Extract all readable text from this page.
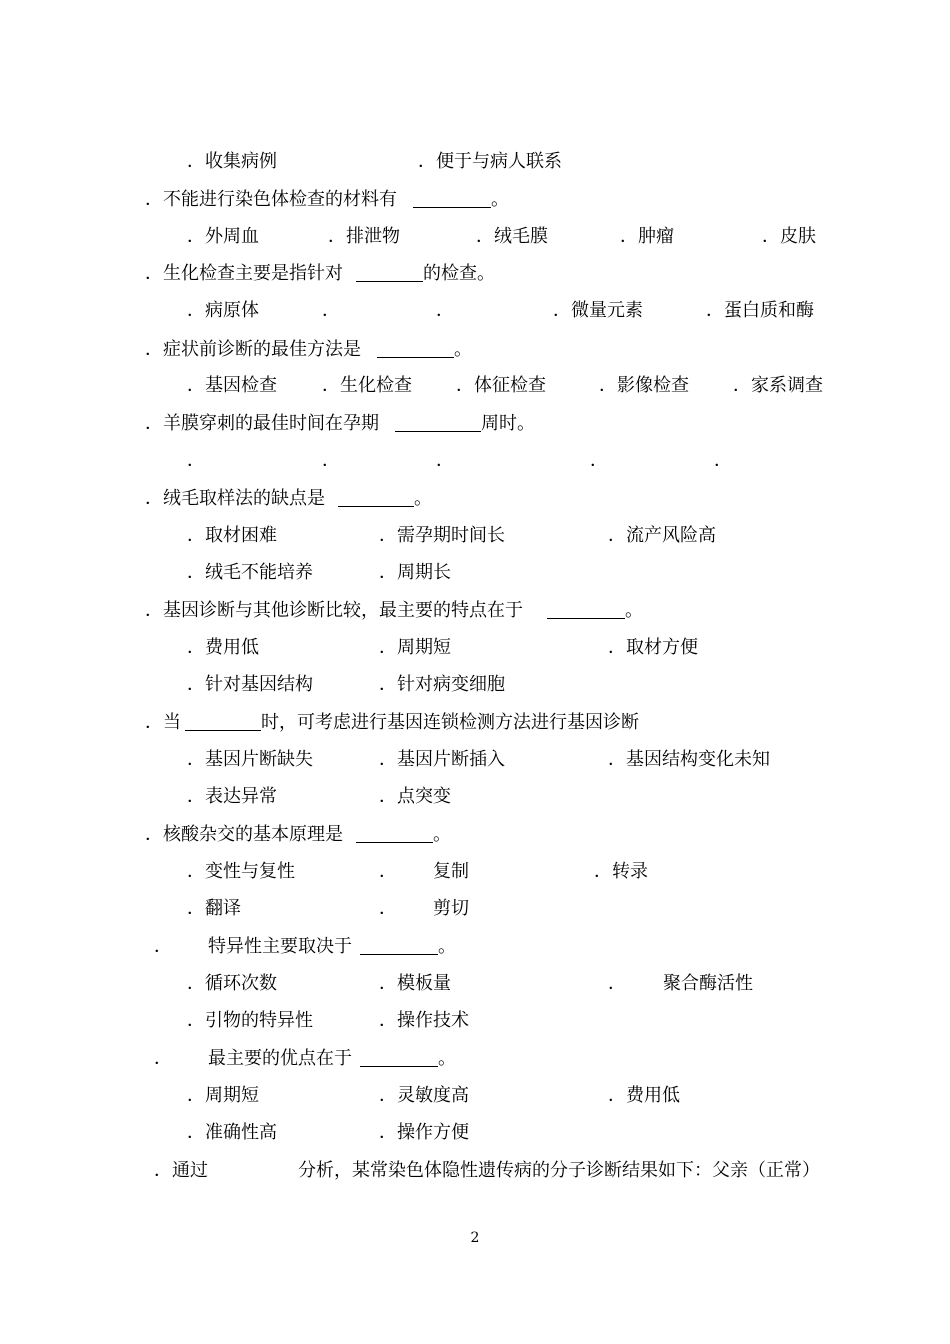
．收集病例	．便于与病人联系
．不能进行染色体检查的材料有	。
．外周血	．排泄物	．绒毛膜	．肿瘤	．皮肤
．生化检查主要是指针对	的检查。
．病原体	．	．	．微量元素	．蛋白质和酶
．症状前诊断的最佳方法是	。
．基因检查	．生化检查 ．体征检查	．影像检查 ．家系调查
．羊膜穿刺的最佳时间在孕期	周时。
．	．	．	．	．
．绒毛取样法的缺点是	。
．取材困难	．需孕期时间长	．流产风险高
．绒毛不能培养	．周期长
．基因诊断与其他诊断比较，最主要的特点在于	。
．费用低	．周期短	．取材方便
．针对基因结构	．针对病变细胞
．当	时，可考虑进行基因连锁检测方法进行基因诊断
．基因片断缺失	．基因片断插入	．基因结构变化未知
．表达异常	．点突变
．核酸杂交的基本原理是	。
．变性与复性	． 复制	．转录
．翻译	． 剪切
． 特异性主要取决于	。
．循环次数	．模板量	． 聚合酶活性
．引物的特异性	．操作技术
． 最主要的优点在于	。
．周期短	．灵敏度高	．费用低
．准确性高	．操作方便
．通过	分析，某常染色体隐性遗传病的分子诊断结果如下：父亲（正常）
2
